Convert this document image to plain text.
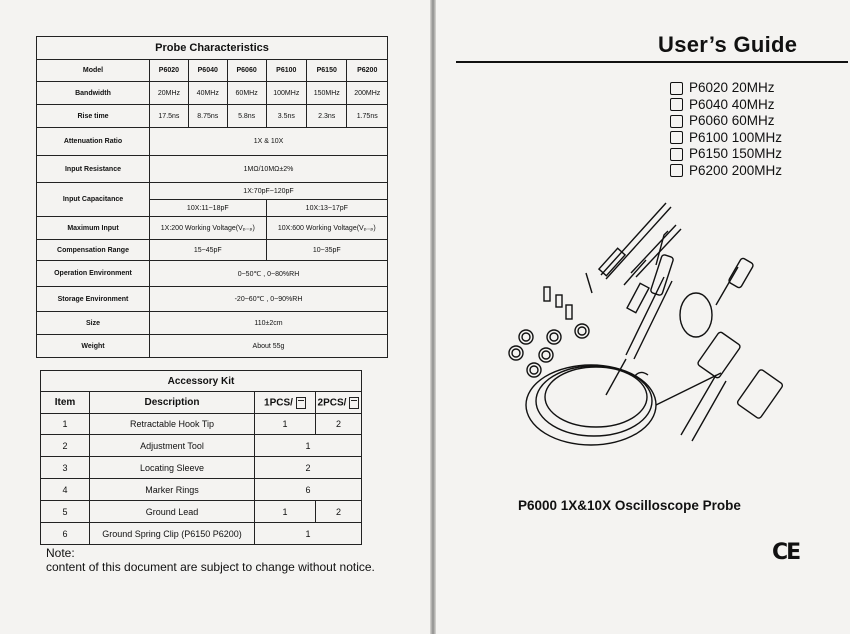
Probe Characteristics						
Model	P6020	P6040	P6060	P6100	P6150	P6200
Bandwidth	20MHz	40MHz	60MHz	100MHz	150MHz	200MHz
Rise time	17.5ns	8.75ns	5.8ns	3.5ns	2.3ns	1.75ns
Attenuation Ratio	1X & 10X					
Input Resistance	1MΩ/10MΩ±2%					
Input Capacitance	1X:70pF~120pF					
	10X:11~18pF			10X:13~17pF		
Maximum Input	1X:200 Working Voltage(Vₚ₋ₚ)			10X:600 Working Voltage(Vₚ₋ₚ)		
Compensation Range	15~45pF			10~35pF		
Operation Environment	0~50℃ , 0~80%RH					
Storage Environment	-20~60℃ , 0~90%RH					
Size	110±2cm					
Weight	About 55g					
Accessory Kit			
Item	Description	1PCS/	2PCS/
1	Retractable Hook Tip	1	2
2	Adjustment Tool	1	
3	Locating Sleeve	2	
4	Marker Rings	6	
5	Ground Lead	1	2
6	Ground Spring Clip (P6150 P6200)	1	
Note:
content of this document are subject to change without notice.
User’s Guide
P6020 20MHz
P6040 40MHz
P6060 60MHz
P6100 100MHz
P6150 150MHz
P6200 200MHz
P6000 1X&10X Oscilloscope Probe
CE
